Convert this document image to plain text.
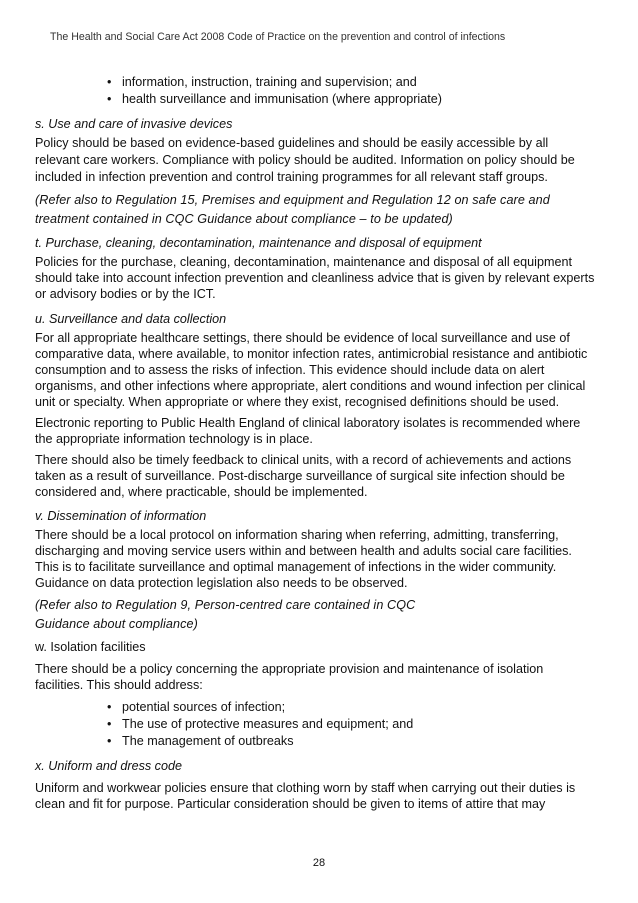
The Health and Social Care Act 2008 Code of Practice on the prevention and control of infections
• information, instruction, training and supervision; and
• health surveillance and immunisation (where appropriate)
s. Use and care of invasive devices

Policy should be based on evidence-based guidelines and should be easily accessible by all relevant care workers. Compliance with policy should be audited. Information on policy should be included in infection prevention and control training programmes for all relevant staff groups.

(Refer also to Regulation 15, Premises and equipment and Regulation 12 on safe care and treatment contained in CQC Guidance about compliance – to be updated)

t. Purchase, cleaning, decontamination, maintenance and disposal of equipment

Policies for the purchase, cleaning, decontamination, maintenance and disposal of all equipment should take into account infection prevention and cleanliness advice that is given by relevant experts or advisory bodies or by the ICT.

u. Surveillance and data collection

For all appropriate healthcare settings, there should be evidence of local surveillance and use of comparative data, where available, to monitor infection rates, antimicrobial resistance and antibiotic consumption and to assess the risks of infection. This evidence should include data on alert organisms, and other infections where appropriate, alert conditions and wound infection per clinical unit or specialty. When appropriate or where they exist, recognised definitions should be used.

Electronic reporting to Public Health England of clinical laboratory isolates is recommended where the appropriate information technology is in place.

There should also be timely feedback to clinical units, with a record of achievements and actions taken as a result of surveillance. Post-discharge surveillance of surgical site infection should be considered and, where practicable, should be implemented.

v. Dissemination of information

There should be a local protocol on information sharing when referring, admitting, transferring, discharging and moving service users within and between health and adults social care facilities. This is to facilitate surveillance and optimal management of infections in the wider community. Guidance on data protection legislation also needs to be observed.

(Refer also to Regulation 9, Person-centred care contained in CQC Guidance about compliance)

w. Isolation facilities

There should be a policy concerning the appropriate provision and maintenance of isolation facilities. This should address:

• potential sources of infection;
• The use of protective measures and equipment; and
• The management of outbreaks
x. Uniform and dress code

Uniform and workwear policies ensure that clothing worn by staff when carrying out their duties is clean and fit for purpose. Particular consideration should be given to items of attire that may

28
